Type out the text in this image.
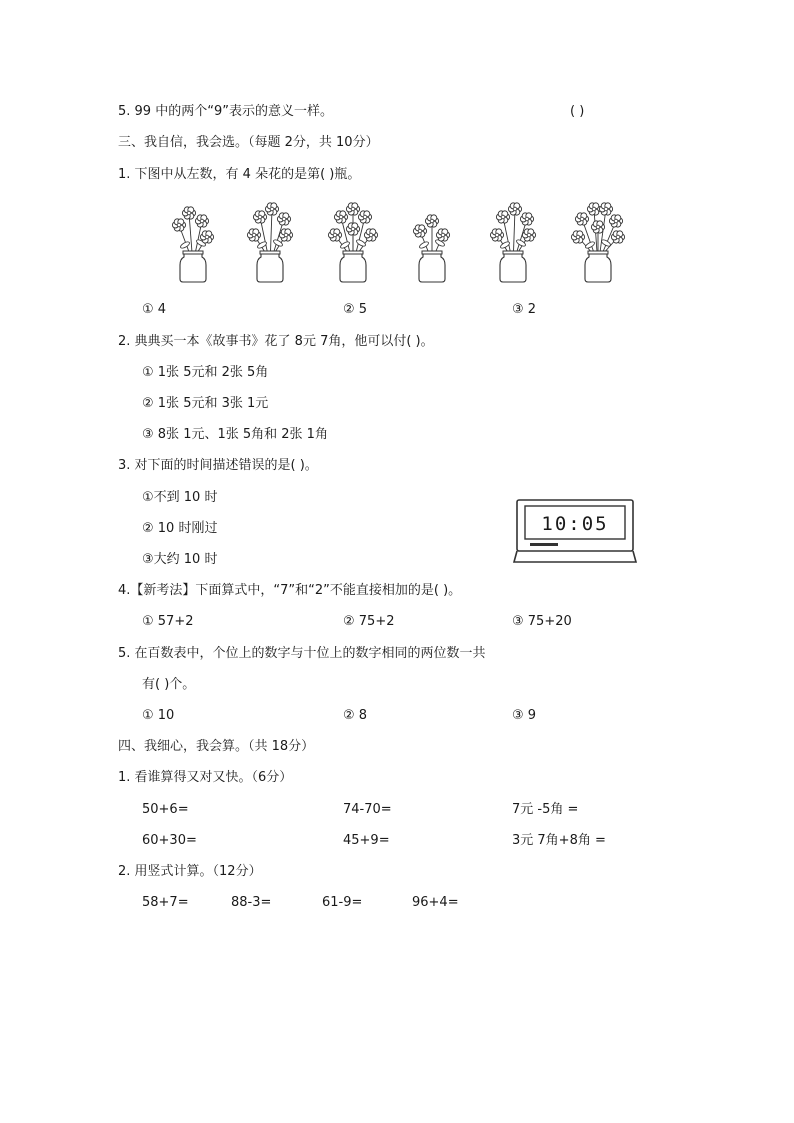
5. 99 中的两个“9”表示的意义一样。	( )
三、我自信，我会选。（每题 2分，共 10分）
1. 下图中从左数，有 4 朵花的是第( )瓶。
① 4	② 5	③ 2
2. 典典买一本《故事书》花了 8元 7角，他可以付( )。
① 1张 5元和 2张 5角
② 1张 5元和 3张 1元
③ 8张 1元、1张 5角和 2张 1角
3. 对下面的时间描述错误的是( )。
①不到 10 时
② 10 时刚过
③大约 10 时
10:05
4.【新考法】下面算式中，“7”和“2”不能直接相加的是( )。
① 57+2	② 75+2	③ 75+20
5. 在百数表中，个位上的数字与十位上的数字相同的两位数一共
有( )个。
① 10	② 8	③ 9
四、我细心，我会算。（共 18分）
1. 看谁算得又对又快。（6分）
50+6=	74-70=	7元 -5角 =
60+30=	45+9=	3元 7角+8角 =
2. 用竖式计算。（12分）
58+7=	88-3=	61-9=	96+4=
